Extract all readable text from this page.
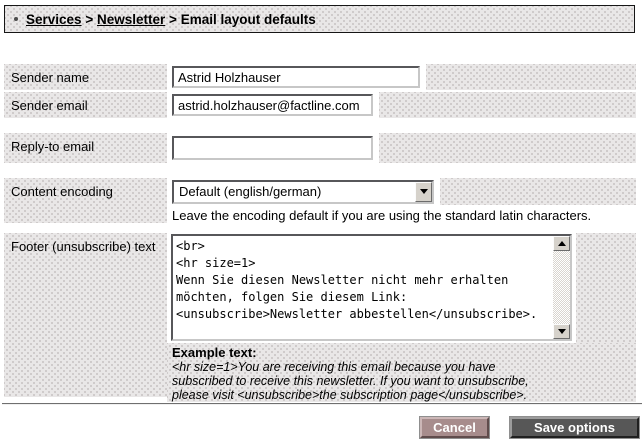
Services > Newsletter > Email layout defaults
Sender name
Astrid Holzhauser
Sender email
astrid.holzhauser@factline.com
Reply-to email
Content encoding	Default (english/german)
Leave the encoding default if you are using the standard latin characters.
Footer (unsubscribe) text
<br> <hr size=1> Wenn Sie diesen Newsletter nicht mehr erhalten möchten, folgen Sie diesem Link: <unsubscribe>Newsletter abbestellen</unsubscribe>.
Example text:
<hr size=1>You are receiving this email because you have
subscribed to receive this newsletter. If you want to unsubscribe,
please visit <unsubscribe>the subscription page</unsubscribe>.
Cancel	Save options
